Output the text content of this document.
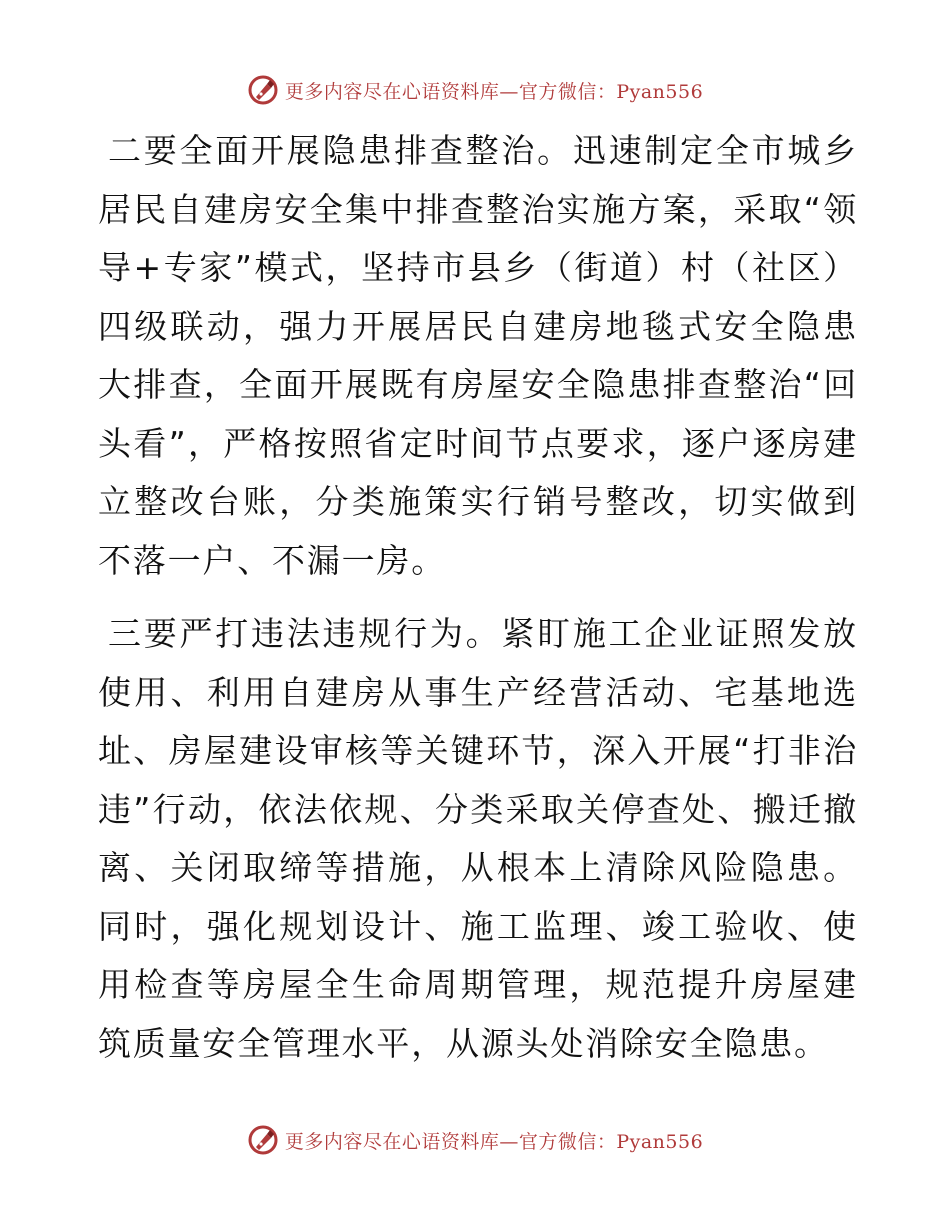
更多内容尽在心语资料库—官方微信：Pyan556

二要全面开展隐患排查整治。迅速制定全市城乡居民自建房安全集中排查整治实施方案，采取“领导+专家”模式，坚持市县乡（街道）村（社区）四级联动，强力开展居民自建房地毯式安全隐患大排查，全面开展既有房屋安全隐患排查整治“回头看”，严格按照省定时间节点要求，逐户逐房建立整改台账，分类施策实行销号整改，切实做到不落一户、不漏一房。

三要严打违法违规行为。紧盯施工企业证照发放使用、利用自建房从事生产经营活动、宅基地选址、房屋建设审核等关键环节，深入开展“打非治违”行动，依法依规、分类采取关停查处、搬迁撤离、关闭取缔等措施，从根本上清除风险隐患。同时，强化规划设计、施工监理、竣工验收、使用检查等房屋全生命周期管理，规范提升房屋建筑质量安全管理水平，从源头处消除安全隐患。

更多内容尽在心语资料库—官方微信：Pyan556
